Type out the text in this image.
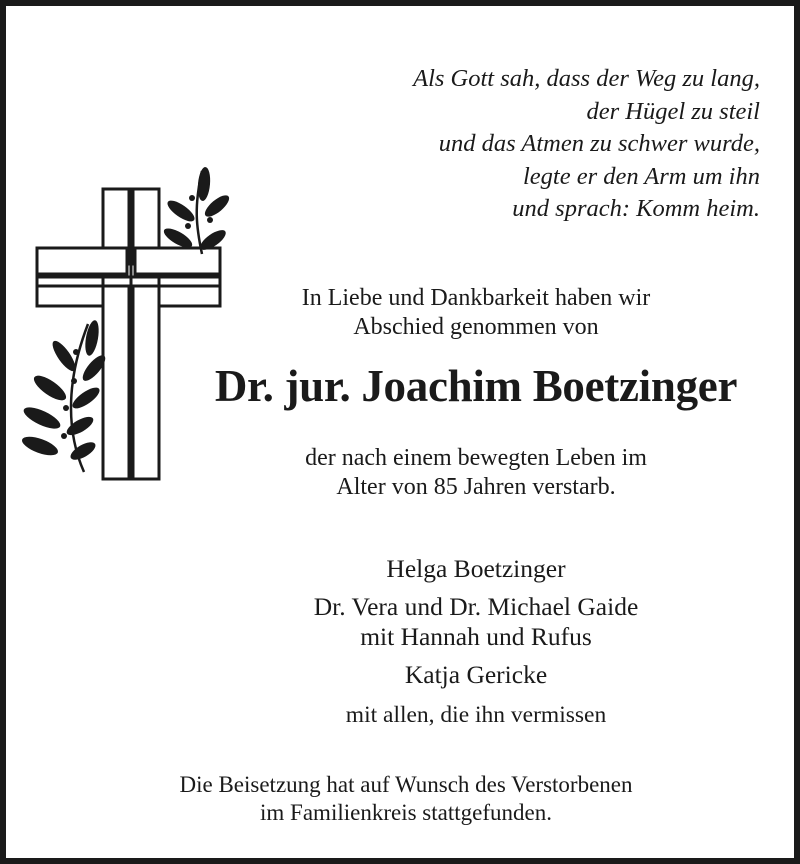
Als Gott sah, dass der Weg zu lang,
der Hügel zu steil
und das Atmen zu schwer wurde,
legte er den Arm um ihn
und sprach: Komm heim.
In Liebe und Dankbarkeit haben wir
Abschied genommen von
Dr. jur. Joachim Boetzinger
der nach einem bewegten Leben im
Alter von 85 Jahren verstarb.
Helga Boetzinger
Dr. Vera und Dr. Michael Gaide
mit Hannah und Rufus
Katja Gericke
mit allen, die ihn vermissen
Die Beisetzung hat auf Wunsch des Verstorbenen
im Familienkreis stattgefunden.
